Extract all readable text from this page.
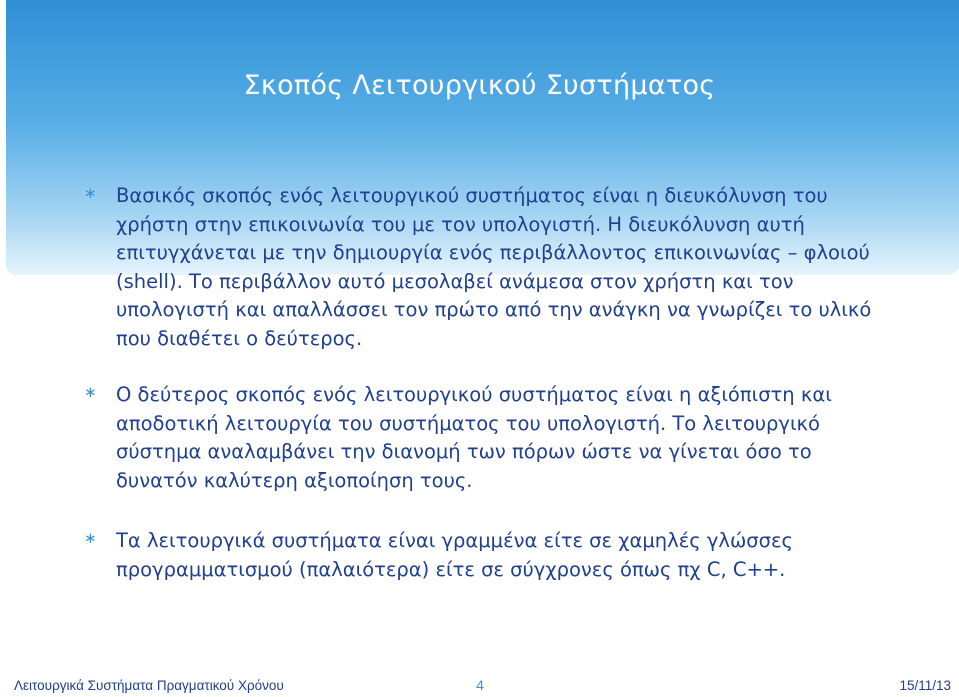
Σκοπός Λειτουργικού Συστήματος
∗ Βασικός σκοπός ενός λειτουργικού συστήματος είναι η διευκόλυνση του χρήστη στην επικοινωνία του με τον υπολογιστή. Η διευκόλυνση αυτή επιτυγχάνεται με την δημιουργία ενός περιβάλλοντος επικοινωνίας – φλοιού (shell). Το περιβάλλον αυτό μεσολαβεί ανάμεσα στον χρήστη και τον υπολογιστή και απαλλάσσει τον πρώτο από την ανάγκη να γνωρίζει το υλικό που διαθέτει ο δεύτερος.

∗ Ο δεύτερος σκοπός ενός λειτουργικού συστήματος είναι η αξιόπιστη και αποδοτική λειτουργία του συστήματος του υπολογιστή. Το λειτουργικό σύστημα αναλαμβάνει την διανομή των πόρων ώστε να γίνεται όσο το δυνατόν καλύτερη αξιοποίηση τους.

∗ Τα λειτουργικά συστήματα είναι γραμμένα είτε σε χαμηλές γλώσσες προγραμματισμού (παλαιότερα) είτε σε σύγχρονες όπως πχ C, C++.

Λειτουργικά Συστήματα Πραγματικού Χρόνου	4	15/11/13
